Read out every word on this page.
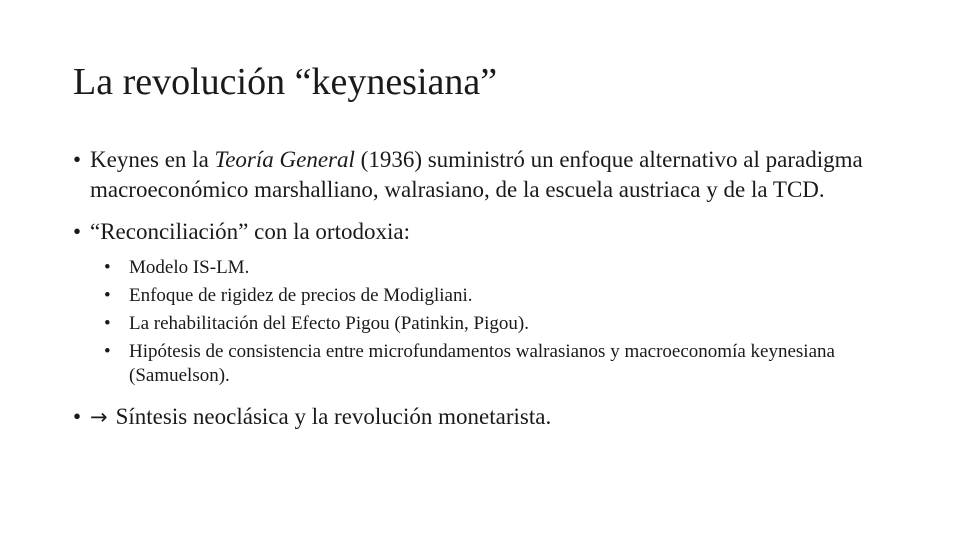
La revolución “keynesiana”
• Keynes en la Teoría General (1936) suministró un enfoque alternativo al paradigma macroeconómico marshalliano, walrasiano, de la escuela austriaca y de la TCD.
• “Reconciliación” con la ortodoxia:
• Modelo IS-LM.
• Enfoque de rigidez de precios de Modigliani.
• La rehabilitación del Efecto Pigou (Patinkin, Pigou).
• Hipótesis de consistencia entre microfundamentos walrasianos y macroeconomía keynesiana (Samuelson).
• → Síntesis neoclásica y la revolución monetarista.
